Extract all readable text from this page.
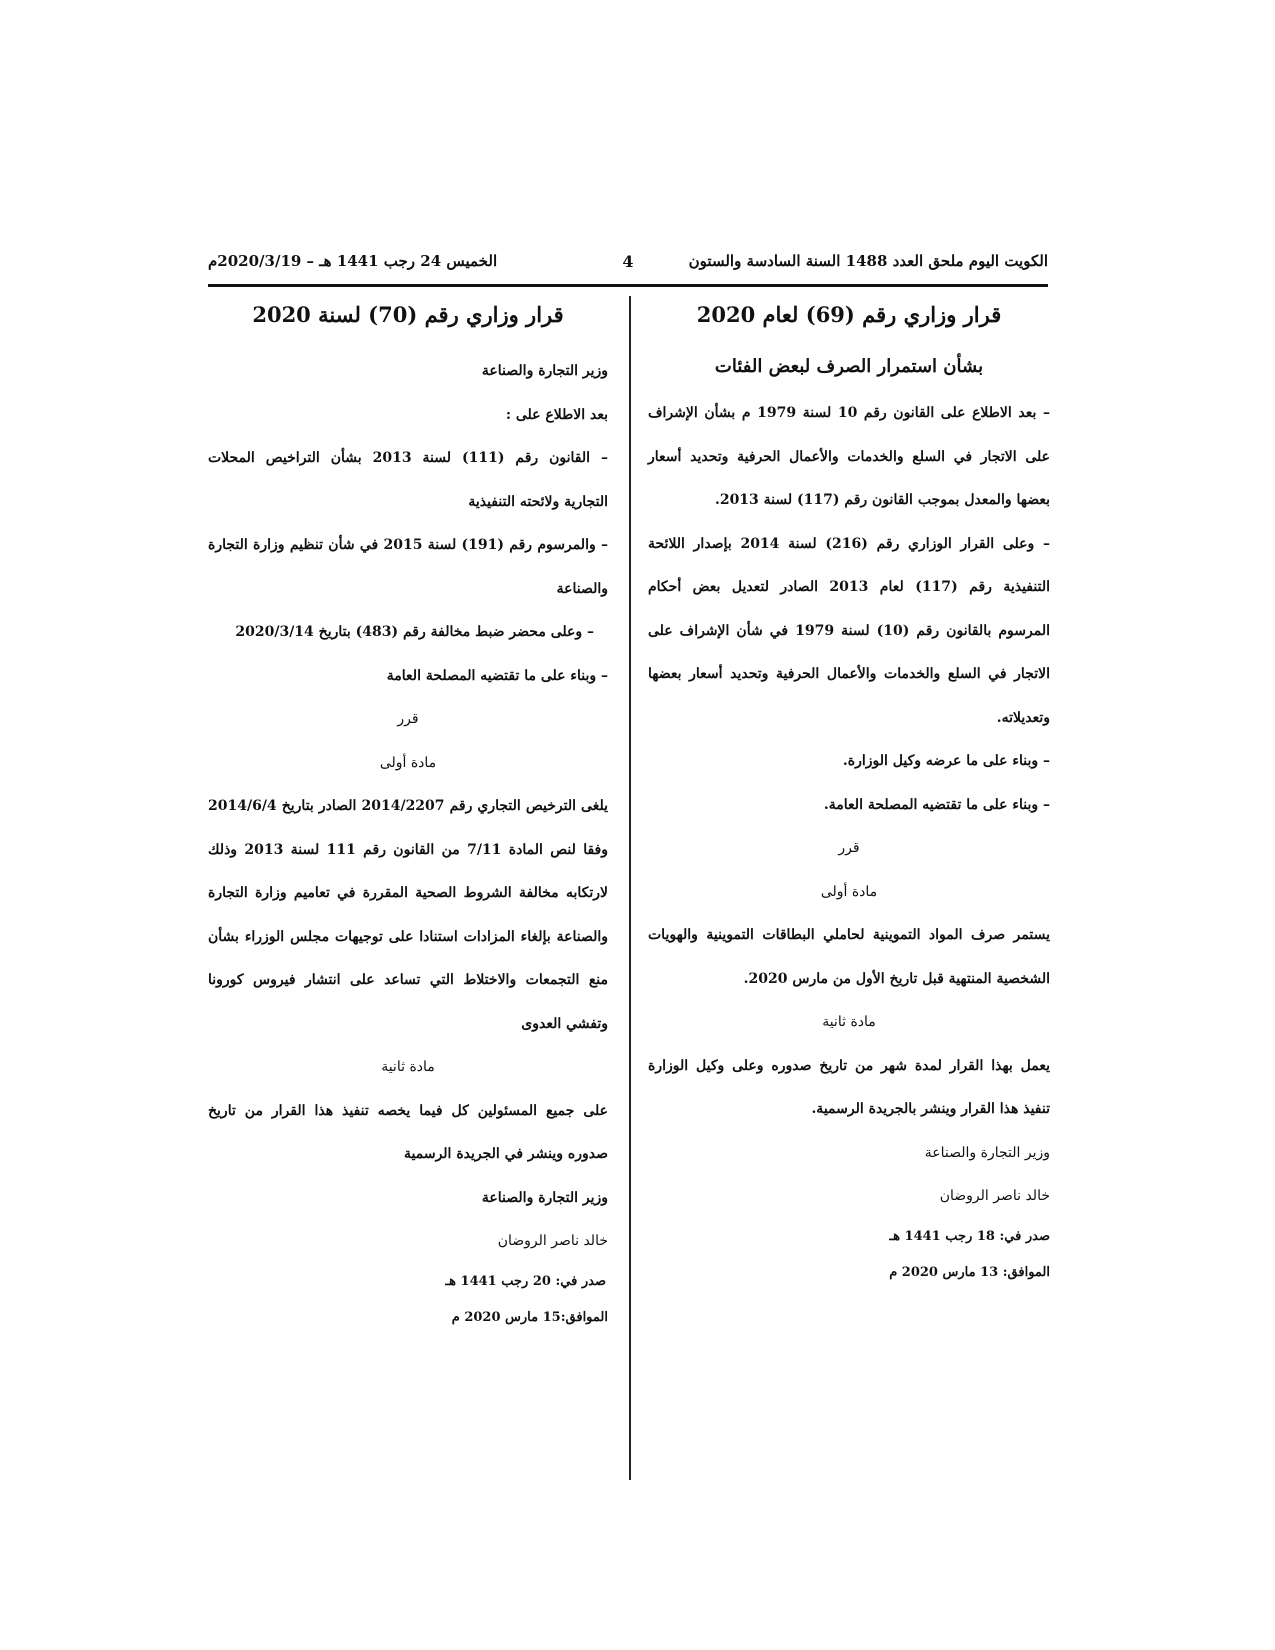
الكويت اليوم ملحق العدد 1488 السنة السادسة والستون
4
الخميس 24 رجب 1441 هـ – 2020/3/19م
قرار وزاري رقم (69) لعام 2020
بشأن استمرار الصرف لبعض الفئات
– بعد الاطلاع على القانون رقم 10 لسنة 1979 م بشأن الإشراف على الاتجار في السلع والخدمات والأعمال الحرفية وتحديد أسعار بعضها والمعدل بموجب القانون رقم (117) لسنة 2013.
– وعلى القرار الوزاري رقم (216) لسنة 2014 بإصدار اللائحة التنفيذية رقم (117) لعام 2013 الصادر لتعديل بعض أحكام المرسوم بالقانون رقم (10) لسنة 1979 في شأن الإشراف على الاتجار في السلع والخدمات والأعمال الحرفية وتحديد أسعار بعضها وتعديلاته.
– وبناء على ما عرضه وكيل الوزارة.
– وبناء على ما تقتضيه المصلحة العامة.
قرر
مادة أولى
يستمر صرف المواد التموينية لحاملي البطاقات التموينية والهويات الشخصية المنتهية قبل تاريخ الأول من مارس 2020.
مادة ثانية
يعمل بهذا القرار لمدة شهر من تاريخ صدوره وعلى وكيل الوزارة تنفيذ هذا القرار وينشر بالجريدة الرسمية.
وزير التجارة والصناعة
خالد ناصر الروضان
صدر في: 18 رجب 1441 هـ
الموافق: 13 مارس 2020 م
قرار وزاري رقم (70) لسنة 2020
وزير التجارة والصناعة
بعد الاطلاع على :
– القانون رقم (111) لسنة 2013 بشأن التراخيص المحلات التجارية ولائحته التنفيذية
– والمرسوم رقم (191) لسنة 2015 في شأن تنظيم وزارة التجارة والصناعة
– وعلى محضر ضبط مخالفة رقم (483) بتاريخ 2020/3/14
– وبناء على ما تقتضيه المصلحة العامة
قرر
مادة أولى
يلغى الترخيص التجاري رقم 2014/2207 الصادر بتاريخ 2014/6/4 وفقا لنص المادة 7/11 من القانون رقم 111 لسنة 2013 وذلك لارتكابه مخالفة الشروط الصحية المقررة في تعاميم وزارة التجارة والصناعة بإلغاء المزادات استنادا على توجيهات مجلس الوزراء بشأن منع التجمعات والاختلاط التي تساعد على انتشار فيروس كورونا وتفشي العدوى
مادة ثانية
على جميع المسئولين كل فيما يخصه تنفيذ هذا القرار من تاريخ صدوره وينشر في الجريدة الرسمية
وزير التجارة والصناعة
خالد ناصر الروضان
صدر في: 20 رجب 1441 هـ
الموافق:15 مارس 2020 م
